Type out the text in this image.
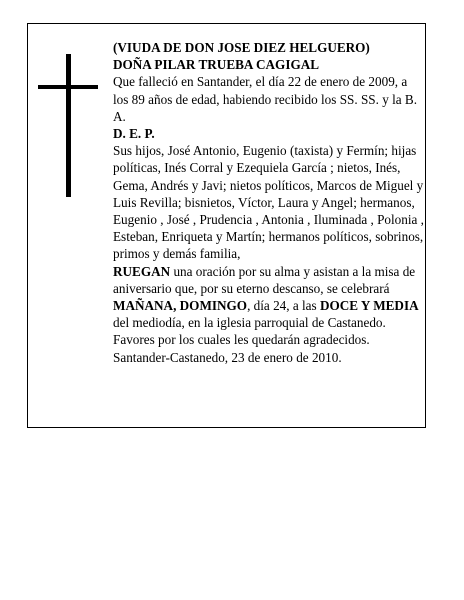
(VIUDA DE DON JOSE DIEZ HELGUERO)

DOÑA PILAR TRUEBA CAGIGAL

Que falleció en Santander, el día 22 de enero de 2009, a los 89 años de edad, habiendo recibido los SS. SS. y la B. A.

D. E. P.

Sus hijos, José Antonio, Eugenio (taxista) y Fermín; hijas políticas, Inés Corral y Ezequiela García ; nietos, Inés, Gema, Andrés y Javi; nietos políticos, Marcos de Miguel y Luis Revilla; bisnietos, Víctor, Laura y Angel; hermanos, Eugenio , José , Prudencia , Antonia , Iluminada , Polonia , Esteban, Enriqueta y Martín; hermanos políticos, sobrinos, primos y demás familia,

RUEGAN una oración por su alma y asistan a la misa de aniversario que, por su eterno descanso, se celebrará MAÑANA, DOMINGO, día 24, a las DOCE Y MEDIA del mediodía, en la iglesia parroquial de Castanedo. Favores por los cuales les quedarán agradecidos.

Santander-Castanedo, 23 de enero de 2010.
